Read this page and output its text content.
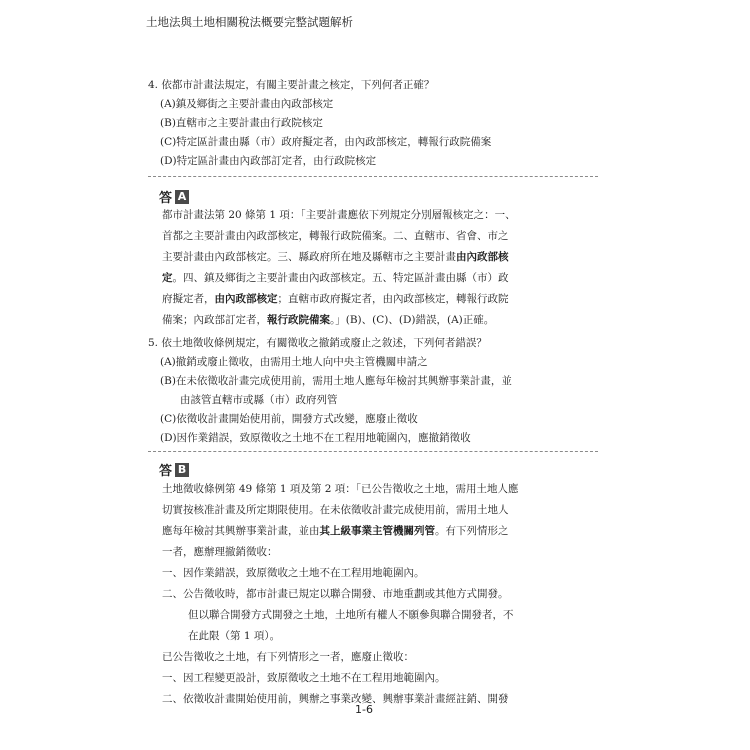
土地法與土地相關稅法概要完整試題解析
4. 依都市計畫法規定，有關主要計畫之核定，下列何者正確？
(A)鎮及鄉街之主要計畫由內政部核定
(B)直轄市之主要計畫由行政院核定
(C)特定區計畫由縣（市）政府擬定者，由內政部核定，轉報行政院備案
(D)特定區計畫由內政部訂定者，由行政院核定
答 A

都市計畫法第 20 條第 1 項：「主要計畫應依下列規定分別層報核定之：一、

首都之主要計畫由內政部核定，轉報行政院備案。二、直轄市、省會、市之

主要計畫由內政部核定。三、縣政府所在地及縣轄市之主要計畫由內政部核

定。四、鎮及鄉街之主要計畫由內政部核定。五、特定區計畫由縣（市）政

府擬定者，由內政部核定；直轄市政府擬定者，由內政部核定，轉報行政院

備案；內政部訂定者，報行政院備案。」(B)、(C)、(D)錯誤，(A)正確。

5. 依土地徵收條例規定，有關徵收之撤銷或廢止之敘述，下列何者錯誤？
(A)撤銷或廢止徵收，由需用土地人向中央主管機關申請之
(B)在未依徵收計畫完成使用前，需用土地人應每年檢討其興辦事業計畫，並
由該管直轄市或縣（市）政府列管
(C)依徵收計畫開始使用前，開發方式改變，應廢止徵收
(D)因作業錯誤，致原徵收之土地不在工程用地範圍內，應撤銷徵收
答 B

土地徵收條例第 49 條第 1 項及第 2 項：「已公告徵收之土地，需用土地人應

切實按核准計畫及所定期限使用。在未依徵收計畫完成使用前，需用土地人

應每年檢討其興辦事業計畫，並由其上級事業主管機關列管。有下列情形之

一者，應辦理撤銷徵收：

一、因作業錯誤，致原徵收之土地不在工程用地範圍內。

二、公告徵收時，都市計畫已規定以聯合開發、市地重劃或其他方式開發。

但以聯合開發方式開發之土地，土地所有權人不願參與聯合開發者，不

在此限（第 1 項）。

已公告徵收之土地，有下列情形之一者，應廢止徵收：

一、因工程變更設計，致原徵收之土地不在工程用地範圍內。

二、依徵收計畫開始使用前，興辦之事業改變、興辦事業計畫經註銷、開發

1-6
